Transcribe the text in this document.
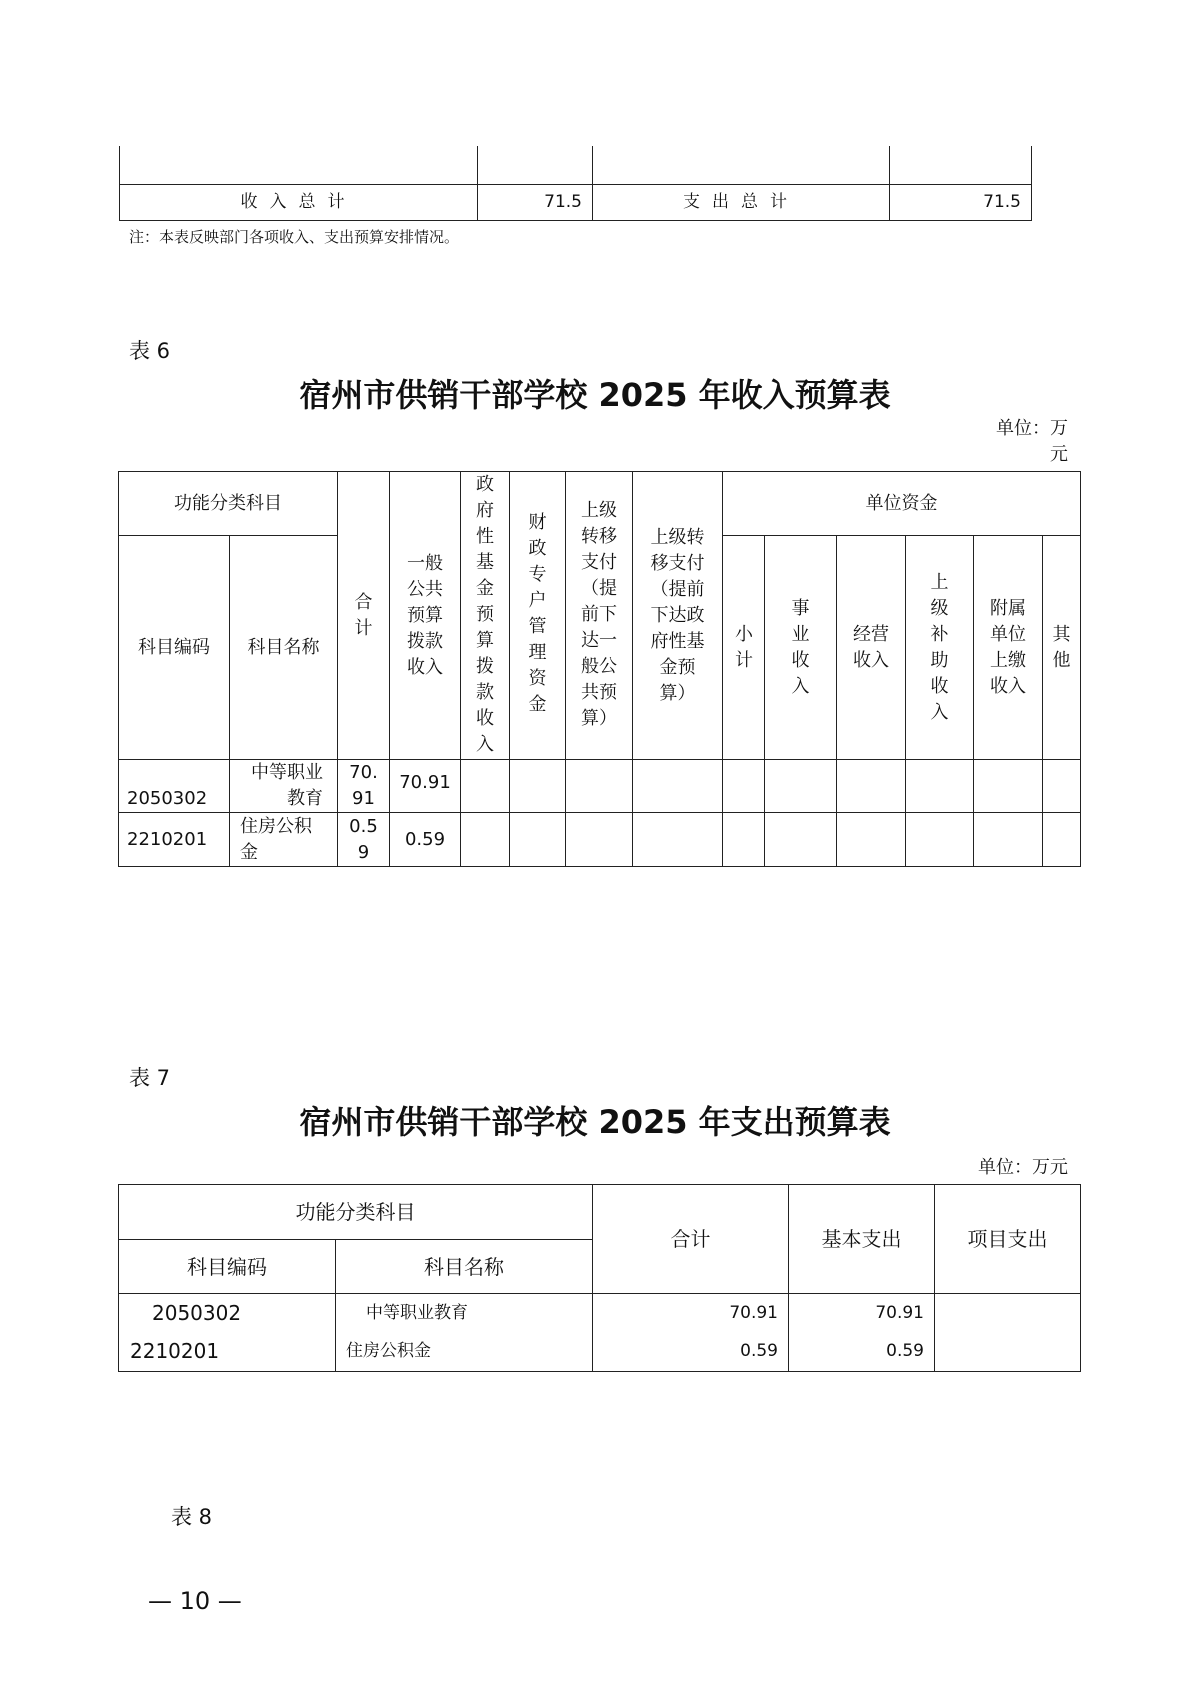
收入总计	71.5	支出总计	71.5
注：本表反映部门各项收入、支出预算安排情况。
表 6
宿州市供销干部学校 2025 年收入预算表
单位：万元
功能分类科目		合计	一般公共预算拨款收入	政府性基金预算拨款收入	财政专户管理资金	上级转移支付（提前下达一般公共预算）	上级转移支付（提前下达政府性基金预算）	单位资金					
科目编码	科目名称							小计	事业收入	经营收入	上级补助收入	附属单位上缴收入	其他
2050302	中等职业教育	70.91	70.91										
2210201	住房公积金	0.59	0.59										
表 7
宿州市供销干部学校 2025 年支出预算表
单位：万元
功能分类科目		合计	基本支出	项目支出
科目编码	科目名称			
2050302	中等职业教育	70.91	70.91	
2210201	住房公积金	0.59	0.59	
表 8
— 10 —
